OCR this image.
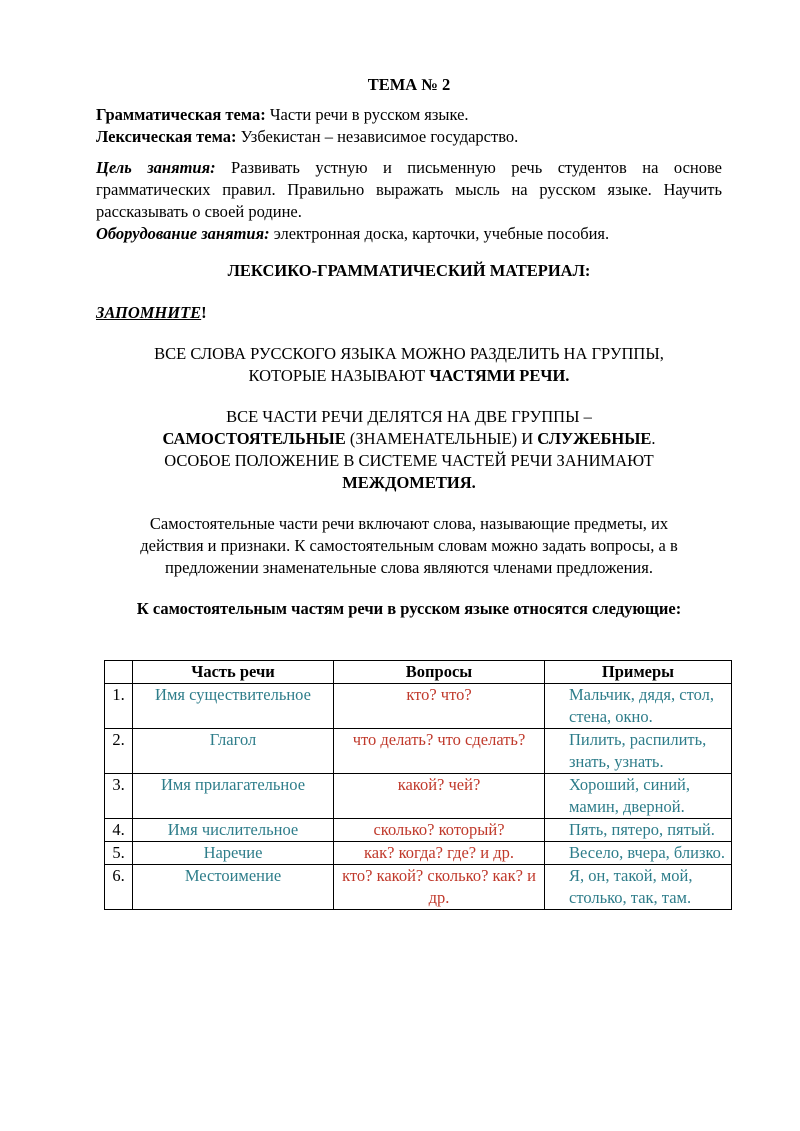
ТЕМА № 2

Грамматическая тема: Части речи в русском языке.

Лексическая тема: Узбекистан – независимое государство.

Цель занятия: Развивать устную и письменную речь студентов на основе грамматических правил. Правильно выражать мысль на русском языке. Научить рассказывать о своей родине.

Оборудование занятия: электронная доска, карточки, учебные пособия.

ЛЕКСИКО-ГРАММАТИЧЕСКИЙ МАТЕРИАЛ:

ЗАПОМНИТЕ!

ВСЕ СЛОВА РУССКОГО ЯЗЫКА МОЖНО РАЗДЕЛИТЬ НА ГРУППЫ,
КОТОРЫЕ НАЗЫВАЮТ ЧАСТЯМИ РЕЧИ.

ВСЕ ЧАСТИ РЕЧИ ДЕЛЯТСЯ НА ДВЕ ГРУППЫ –
САМОСТОЯТЕЛЬНЫЕ (ЗНАМЕНАТЕЛЬНЫЕ) И СЛУЖЕБНЫЕ.
ОСОБОЕ ПОЛОЖЕНИЕ В СИСТЕМЕ ЧАСТЕЙ РЕЧИ ЗАНИМАЮТ
МЕЖДОМЕТИЯ.

Самостоятельные части речи включают слова, называющие предметы, их
действия и признаки. К самостоятельным словам можно задать вопросы, а в
предложении знаменательные слова являются членами предложения.

К самостоятельным частям речи в русском языке относятся следующие:

	Часть речи	Вопросы	Примеры
1.	Имя существительное	кто? что?	Мальчик, дядя, стол, стена, окно.
2.	Глагол	что делать? что сделать?	Пилить, распилить, знать, узнать.
3.	Имя прилагательное	какой? чей?	Хороший, синий, мамин, дверной.
4.	Имя числительное	сколько? который?	Пять, пятеро, пятый.
5.	Наречие	как? когда? где? и др.	Весело, вчера, близко.
6.	Местоимение	кто? какой? сколько? как? и др.	Я, он, такой, мой, столько, так, там.
